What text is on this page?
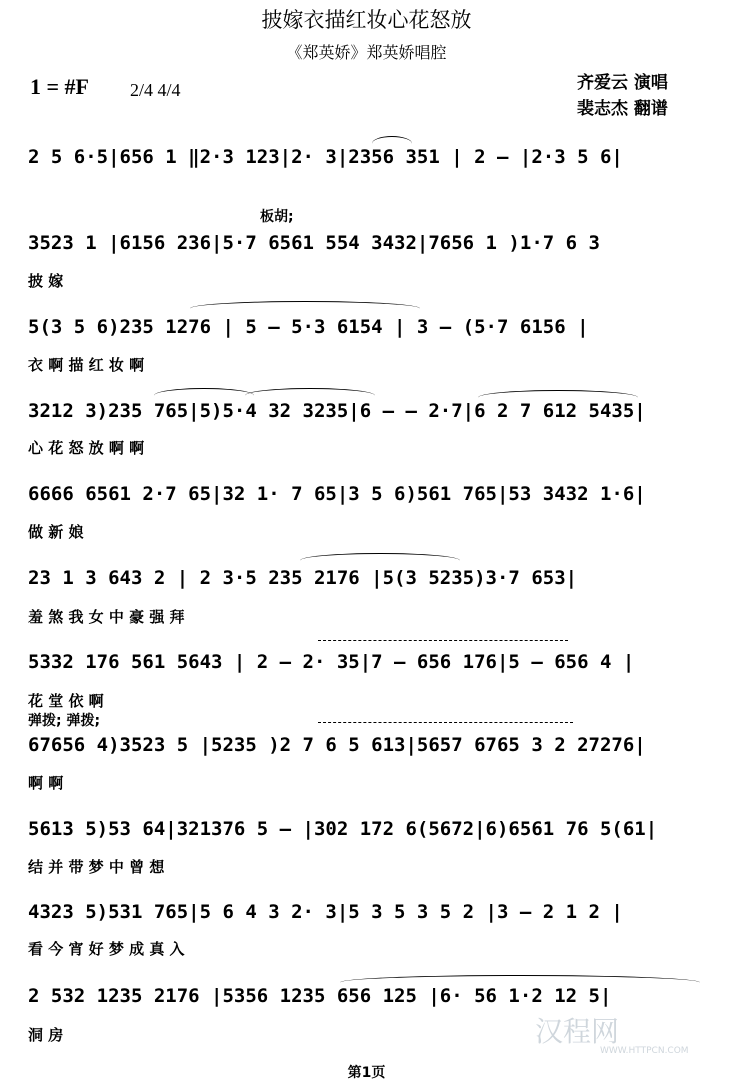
披嫁衣描红妆心花怒放
《郑英娇》郑英娇唱腔
1 = #F 2/4 4/4	齐爱云 演唱
裴志杰 翻谱
2 5 6·5|656 1 ‖2·3 123|2· 3|2356 351 | 2 – |2·3 5 6|
板胡;
3523 1 |6156 236|5·7 6561 554 3432|7656 1 )1·7 6 3
披 嫁
5(3 5 6)235 1276 | 5 – 5·3 6154 | 3 – (5·7 6156 |
衣 啊 描 红 妆 啊
3212 3)235 765|5)5·4 32 3235|6 – – 2·7|6 2 7 612 5435|
心 花 怒 放 啊 啊
6666 6561 2·7 65|32 1· 7 65|3 5 6)561 765|53 3432 1·6|
做 新 娘
23 1 3 643 2 | 2 3·5 235 2176 |5(3 5235)3·7 653|
羞 煞 我 女 中 豪 强 拜
5332 176 561 5643 | 2 – 2· 35|7 – 656 176|5 – 656 4 |
花 堂 依 啊
弹拨; 弹拨;
67656 4)3523 5 |5235 )2 7 6 5 613|5657 6765 3 2 27276|
啊 啊
5613 5)53 64|321376 5 – |302 172 6(5672|6)6561 76 5(61|
结 并 带 梦 中 曾 想
4323 5)531 765|5 6 4 3 2· 3|5 3 5 3 5 2 |3 – 2 1 2 |
看 今 宵 好 梦 成 真 入
2 532 1235 2176 |5356 1235 656 125 |6· 56 1·2 12 5|
洞 房
第1页
汉程网
WWW.HTTPCN.COM
